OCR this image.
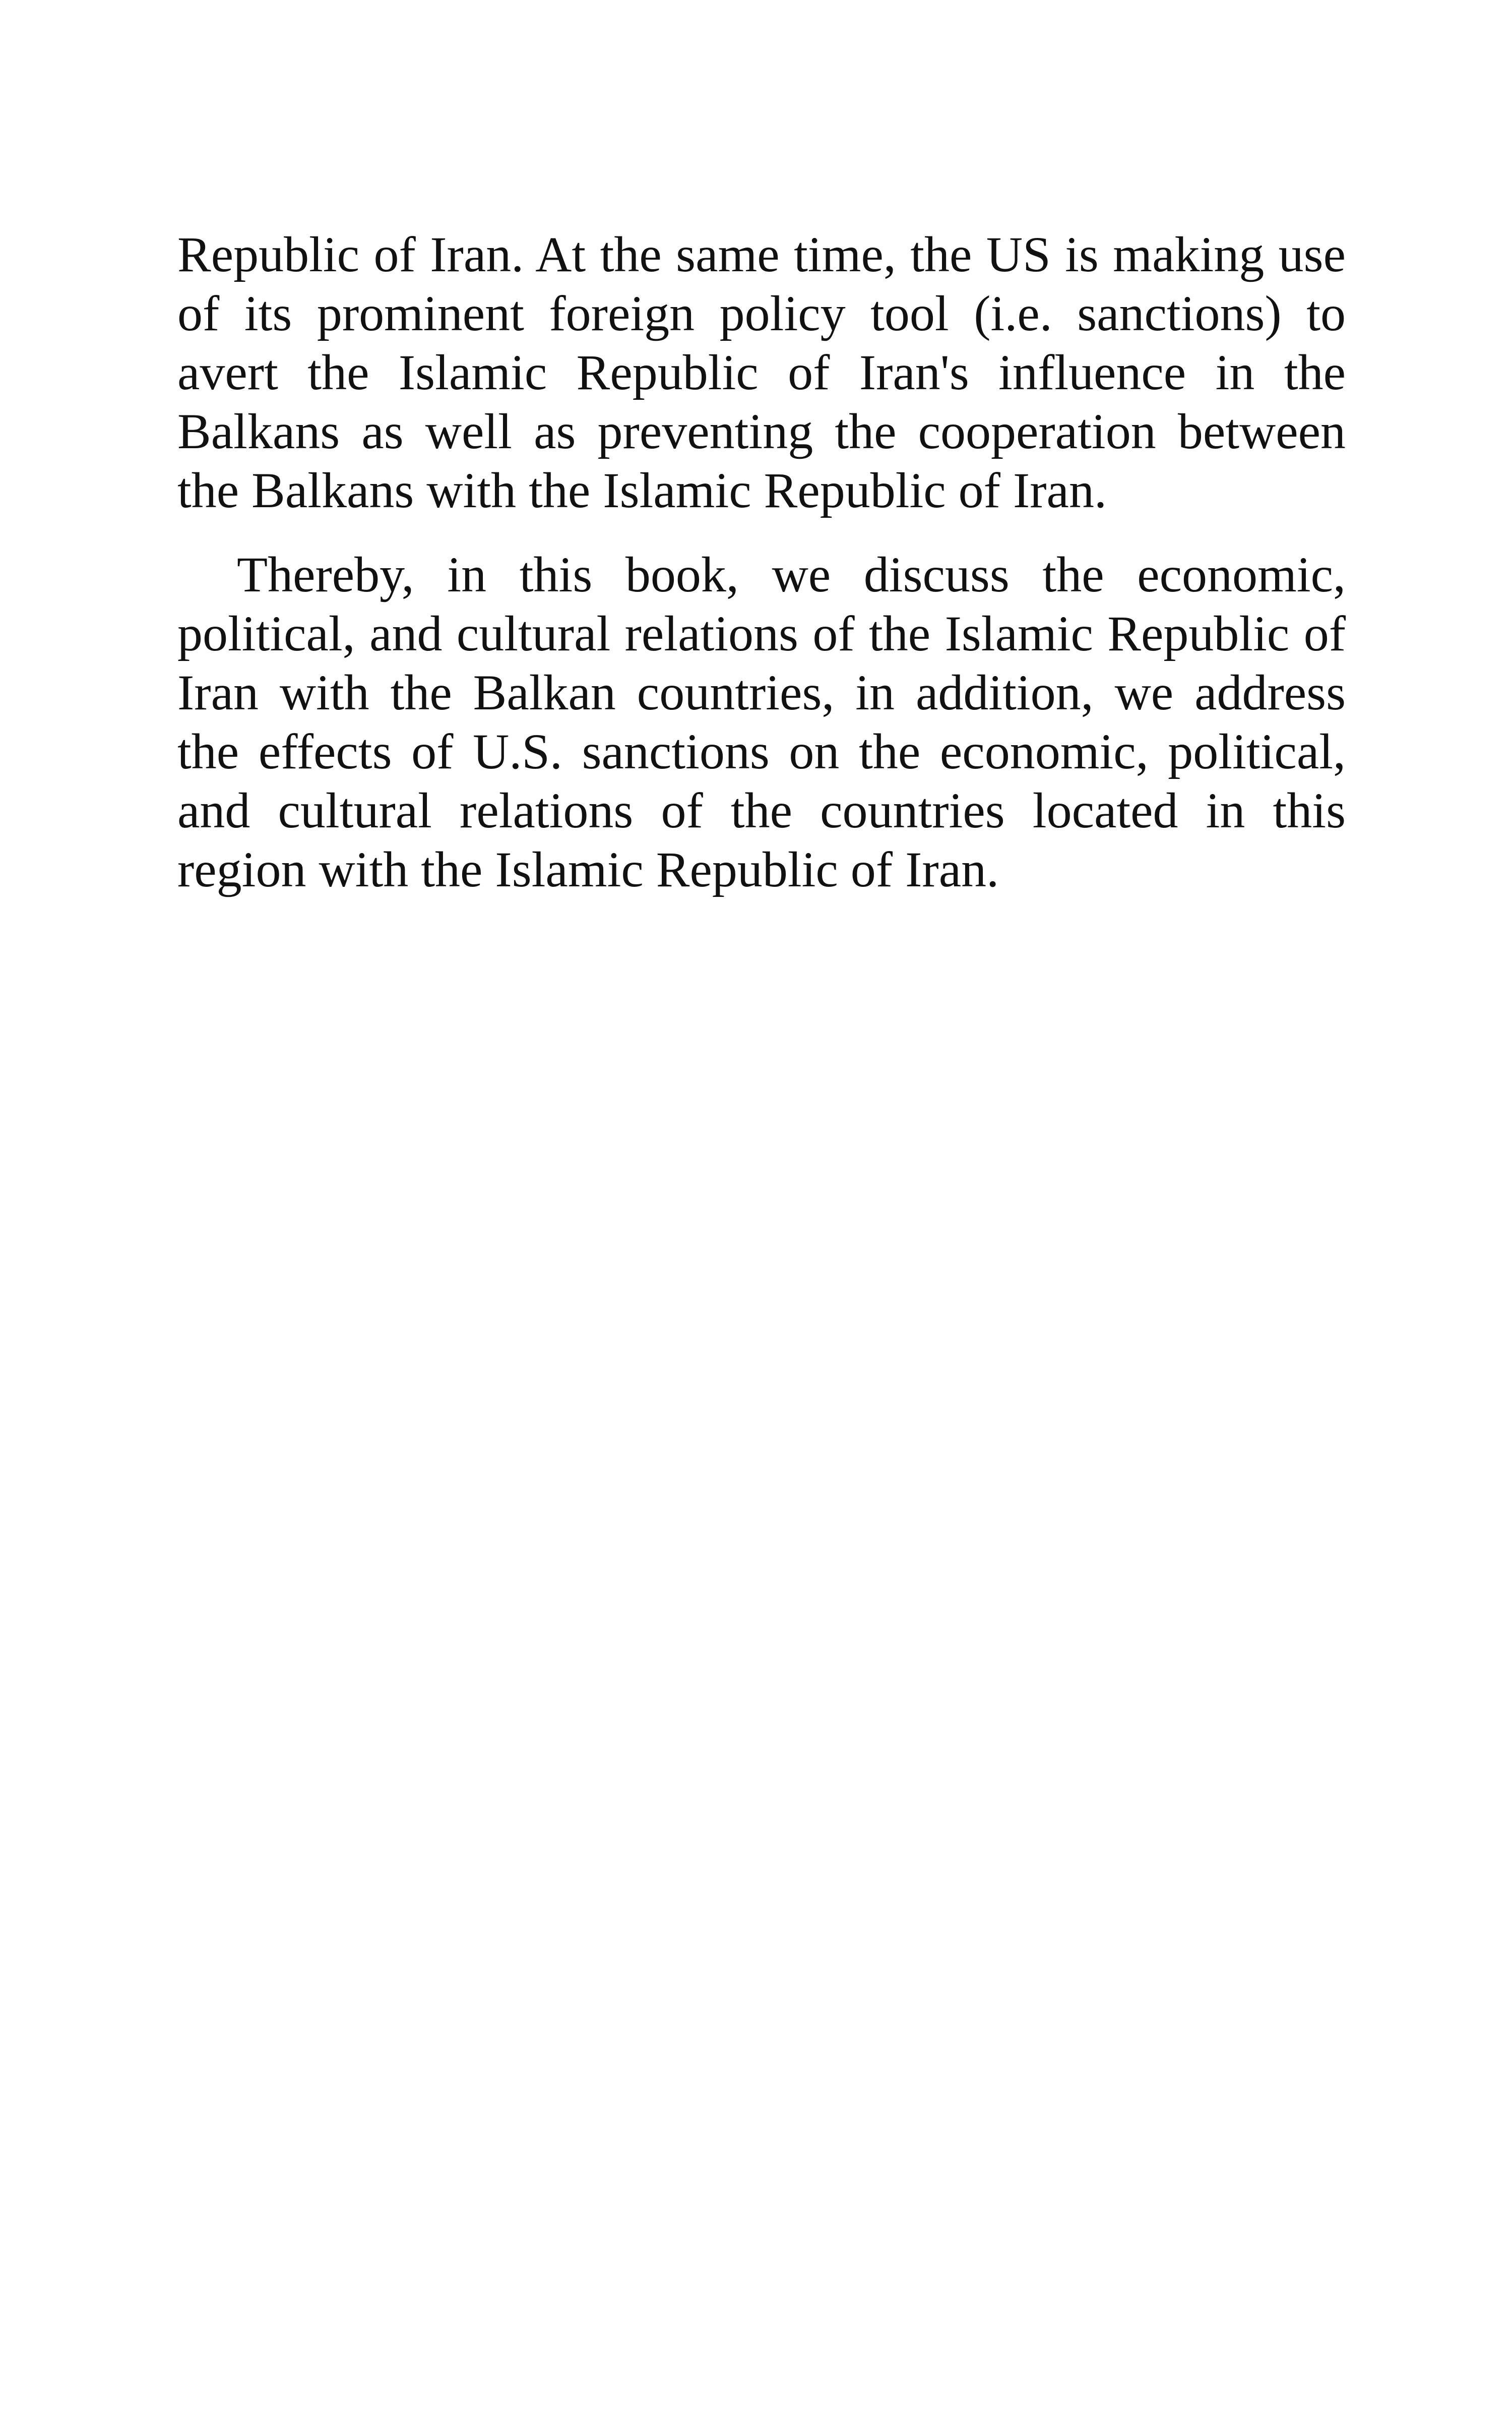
Republic of Iran. At the same time, the US is making use of its prominent foreign policy tool (i.e. sanctions) to avert the Islamic Republic of Iran's influence in the Balkans as well as preventing the cooperation between the Balkans with the Islamic Republic of Iran.

Thereby, in this book, we discuss the economic, political, and cultural relations of the Islamic Republic of Iran with the Balkan countries, in addition, we address the effects of U.S. sanctions on the economic, political, and cultural relations of the countries located in this region with the Islamic Republic of Iran.
